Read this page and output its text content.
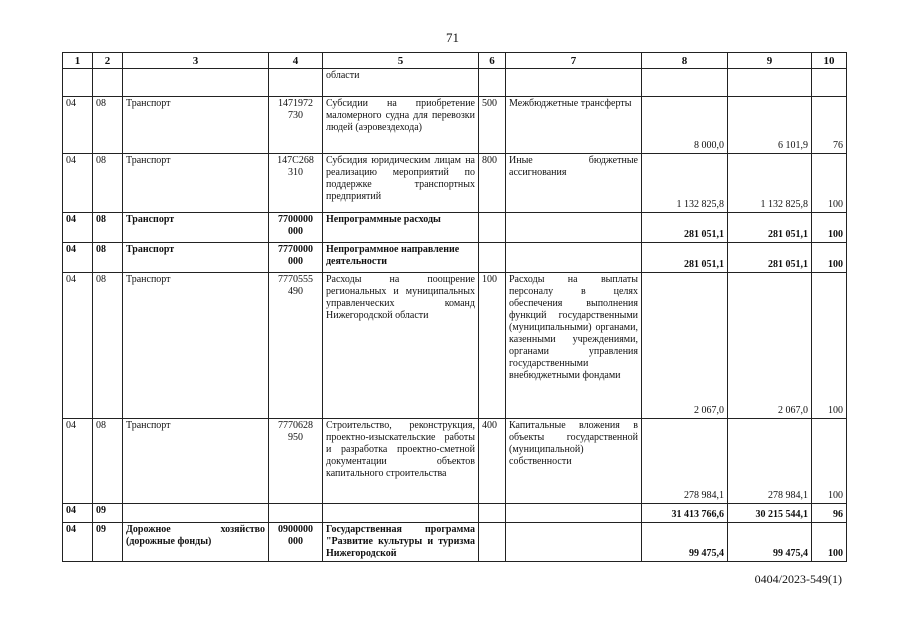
71
1	2	3	4	5	6	7	8	9	10
				области					
04	08	Транспорт	1471972 730	Субсидии на приобретение маломерного судна для перевозки людей (аэровездехода)	500	Межбюджетные трансферты	8 000,0	6 101,9	76
04	08	Транспорт	147C268 310	Субсидия юридическим лицам на реализацию мероприятий по поддержке транспортных предприятий	800	Иные бюджетные ассигнования	1 132 825,8	1 132 825,8	100
04	08	Транспорт	7700000 000	Непрограммные расходы			281 051,1	281 051,1	100
04	08	Транспорт	7770000 000	Непрограммное направление деятельности			281 051,1	281 051,1	100
04	08	Транспорт	7770555 490	Расходы на поощрение региональных и муниципальных управленческих команд Нижегородской области	100	Расходы на выплаты персоналу в целях обеспечения выполнения функций государственными (муниципальными) органами, казенными учреждениями, органами управления государственными внебюджетными фондами	2 067,0	2 067,0	100
04	08	Транспорт	7770628 950	Строительство, реконструкция, проектно-изыскательские работы и разработка проектно-сметной документации объектов капитального строительства	400	Капитальные вложения в объекты государственной (муниципальной) собственности	278 984,1	278 984,1	100
04	09						31 413 766,6	30 215 544,1	96
04	09	Дорожное хозяйство (дорожные фонды)	0900000 000	Государственная программа "Развитие культуры и туризма Нижегородской			99 475,4	99 475,4	100
0404/2023-549(1)
